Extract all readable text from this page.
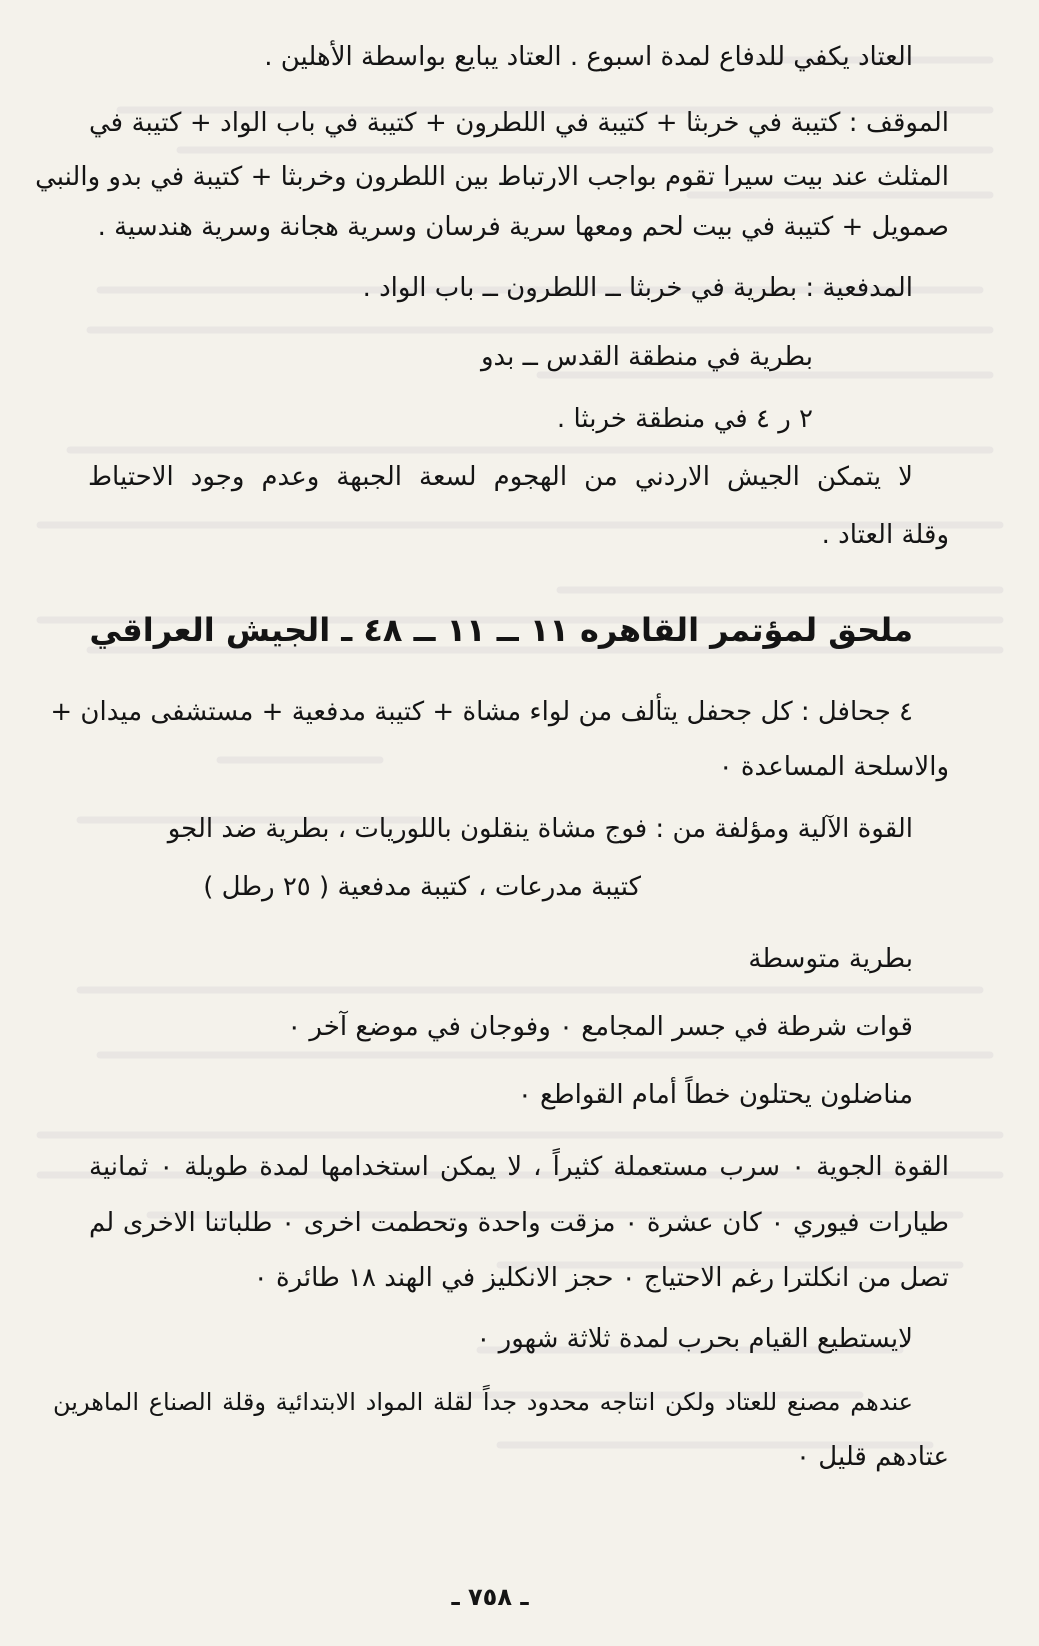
العتاد يكفي للدفاع لمدة اسبوع . العتاد يبايع بواسطة الأهلين .
الموقف : كتيبة في خربثا + كتيبة في اللطرون + كتيبة في باب الواد + كتيبة في
المثلث عند بيت سيرا تقوم بواجب الارتباط بين اللطرون وخربثا + كتيبة في بدو والنبي
صمويل + كتيبة في بيت لحم ومعها سرية فرسان وسرية هجانة وسرية هندسية .
المدفعية : بطرية في خربثا ــ اللطرون ــ باب الواد .
بطرية في منطقة القدس ــ بدو
٢ ر ٤ في منطقة خربثا .
لا يتمكن الجيش الاردني من الهجوم لسعة الجبهة وعدم وجود الاحتياط
وقلة العتاد .
ملحق لمؤتمر القاهره ١١ ــ ١١ ــ ٤٨ ـ الجيش العراقي
٤ جحافل : كل جحفل يتألف من لواء مشاة + كتيبة مدفعية + مستشفى ميدان +
والاسلحة المساعدة ٠
القوة الآلية ومؤلفة من : فوج مشاة ينقلون باللوريات ، بطرية ضد الجو
كتيبة مدرعات ، كتيبة مدفعية ( ٢٥ رطل )
بطرية متوسطة
قوات شرطة في جسر المجامع ٠ وفوجان في موضع آخر ٠
مناضلون يحتلون خطاً أمام القواطع ٠
القوة الجوية ٠ سرب مستعملة كثيراً ، لا يمكن استخدامها لمدة طويلة ٠ ثمانية
طيارات فيوري ٠ كان عشرة ٠ مزقت واحدة وتحطمت اخرى ٠ طلباتنا الاخرى لم
تصل من انكلترا رغم الاحتياج ٠ حجز الانكليز في الهند ١٨ طائرة ٠
لايستطيع القيام بحرب لمدة ثلاثة شهور ٠
عندهم مصنع للعتاد ولكن انتاجه محدود جداً لقلة المواد الابتدائية وقلة الصناع الماهرين
عتادهم قليل ٠
ـ ٧٥٨ ـ
